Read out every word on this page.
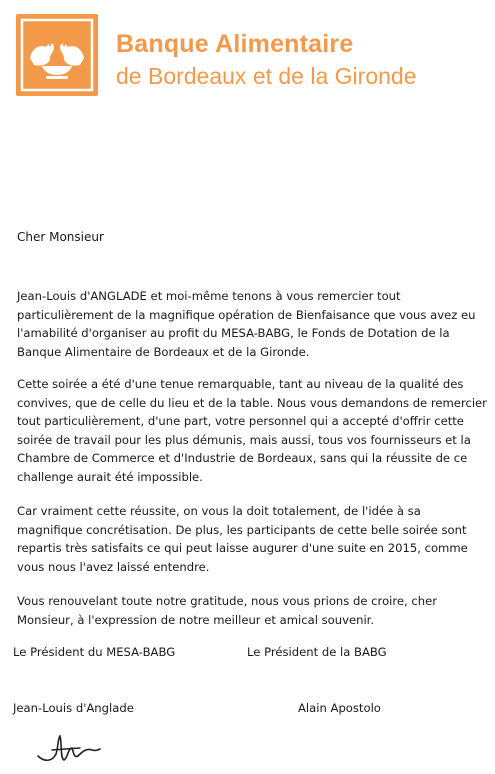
Banque Alimentaire
de Bordeaux et de la Gironde
Cher Monsieur

Jean-Louis d'ANGLADE et moi-même tenons à vous remercier tout
particulièrement de la magnifique opération de Bienfaisance que vous avez eu
l'amabilité d'organiser au profit du MESA-BABG, le Fonds de Dotation de la
Banque Alimentaire de Bordeaux et de la Gironde.

Cette soirée a été d'une tenue remarquable, tant au niveau de la qualité des
convives, que de celle du lieu et de la table. Nous vous demandons de remercier
tout particulièrement, d'une part, votre personnel qui a accepté d'offrir cette
soirée de travail pour les plus démunis, mais aussi, tous vos fournisseurs et la
Chambre de Commerce et d'Industrie de Bordeaux, sans qui la réussite de ce
challenge aurait été impossible.

Car vraiment cette réussite, on vous la doit totalement, de l'idée à sa
magnifique concrétisation. De plus, les participants de cette belle soirée sont
repartis très satisfaits ce qui peut laisse augurer d'une suite en 2015, comme
vous nous l'avez laissé entendre.

Vous renouvelant toute notre gratitude, nous vous prions de croire, cher
Monsieur, à l'expression de notre meilleur et amical souvenir.

Le Président du MESA-BABG	Le Président de la BABG
Jean-Louis d'Anglade	Alain Apostolo
